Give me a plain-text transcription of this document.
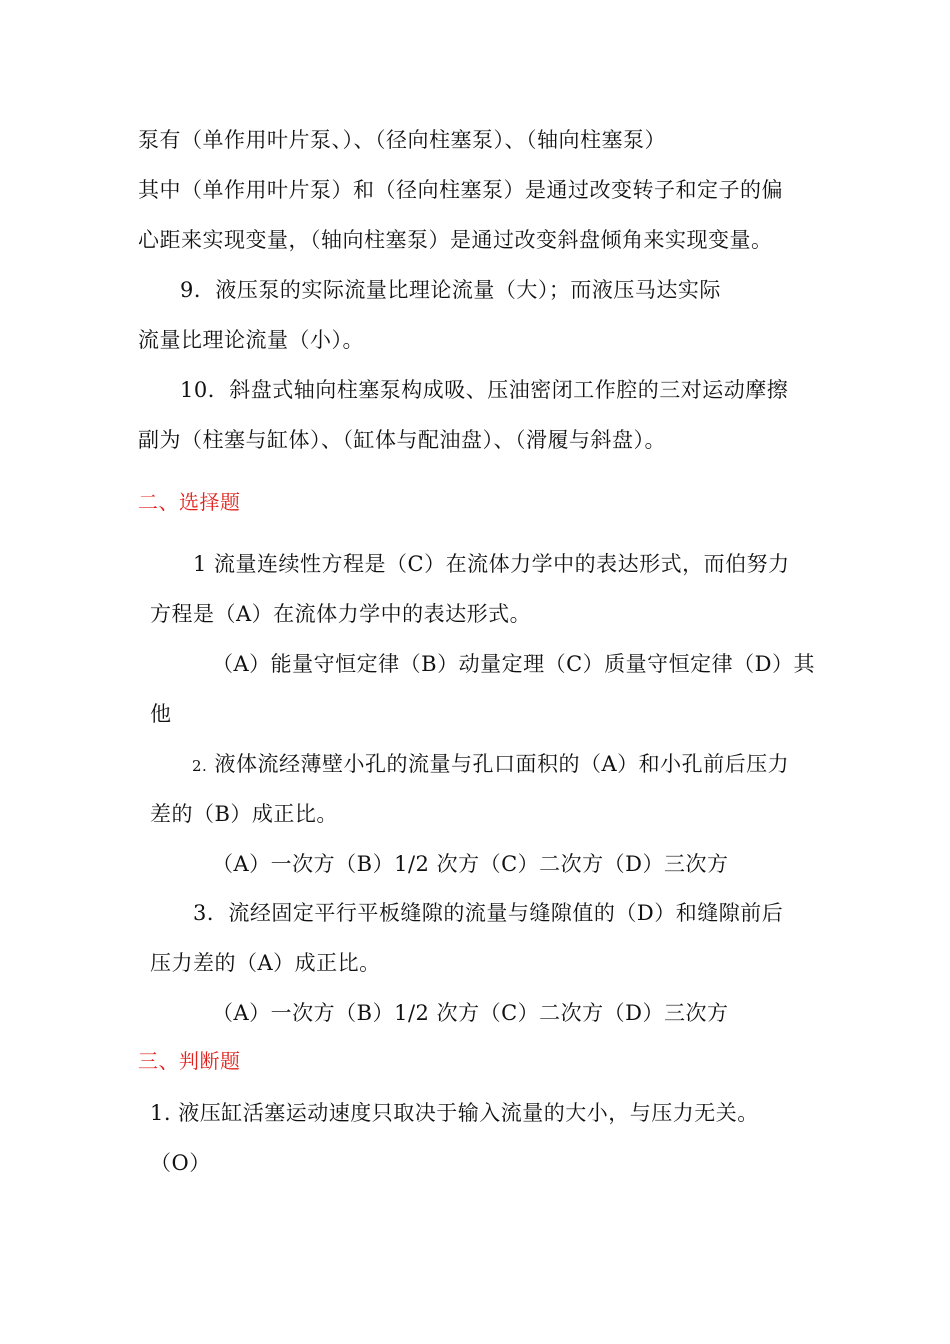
泵有（单作用叶片泵、）、（径向柱塞泵）、（轴向柱塞泵）
其中（单作用叶片泵）和（径向柱塞泵）是通过改变转子和定子的偏
心距来实现变量，（轴向柱塞泵）是通过改变斜盘倾角来实现变量。
9．液压泵的实际流量比理论流量（大）；而液压马达实际
流量比理论流量（小）。
10．斜盘式轴向柱塞泵构成吸、压油密闭工作腔的三对运动摩擦
副为（柱塞与缸体）、（缸体与配油盘）、（滑履与斜盘）。
二、选择题
1 流量连续性方程是（C）在流体力学中的表达形式，而伯努力
方程是（A）在流体力学中的表达形式。
（A）能量守恒定律（B）动量定理（C）质量守恒定律（D）其
他
2. 液体流经薄壁小孔的流量与孔口面积的（A）和小孔前后压力
差的（B）成正比。
（A）一次方（B）1/2 次方（C）二次方（D）三次方
3．流经固定平行平板缝隙的流量与缝隙值的（D）和缝隙前后
压力差的（A）成正比。
（A）一次方（B）1/2 次方（C）二次方（D）三次方
三、判断题
1. 液压缸活塞运动速度只取决于输入流量的大小，与压力无关。
（O）
